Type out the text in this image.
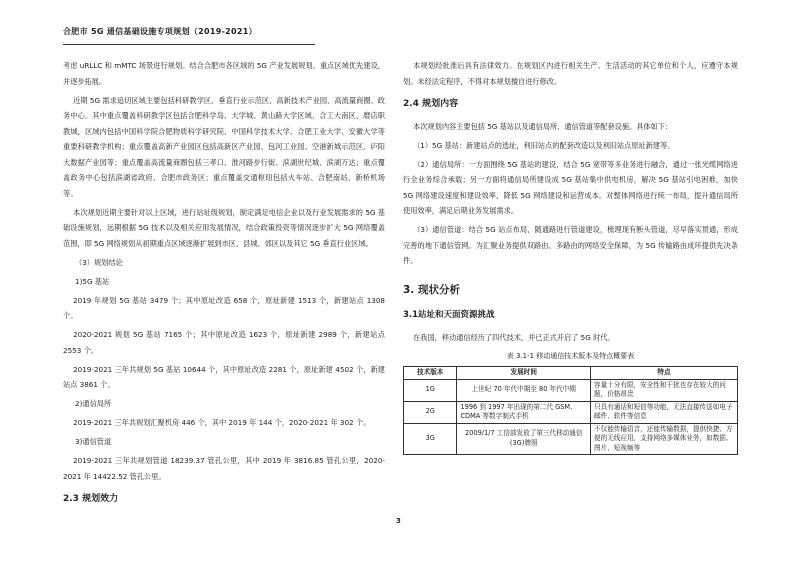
合肥市 5G 通信基础设施专项规划（2019-2021）

考虑 uRLLC 和 mMTC 场景进行规划。结合合肥市各区域的 5G 产业发展规划，重点区域优先建设，并逐步拓展。

近期 5G 需求追切区域主要包括科研教学区、垂直行业示范区、高新技术产业园、高流量商圈、政务中心。其中重点覆盖科研教学区包括合肥科学岛、大学城、黄山路大学区域、合工大南区、磨店职教城，区域内包括中国科学院合肥物质科学研究院、中国科学技术大学、合肥工业大学、安徽大学等重要科研教学机构；重点覆盖高新产业园区包括高新区产业园、包河工业园、空港新城示范区、庐阳大数据产业园等；重点覆盖高流量商圈包括三孝口、淮河路步行街、滨湖世纪城、滨湖万达；重点覆盖政务中心包括滨湖省政府、合肥市政务区；重点覆盖交通枢纽包括火车站、合肥南站、新桥机场等。

本次规划近期主要针对以上区域，进行站址级规划，制定满足电信企业以及行业发展需求的 5G 基础设施规划，远期根据 5G 技术以及相关应用发展情况，结合政策投资等情况逐步扩大 5G 网络覆盖范围，即 5G 网络规划从初期重点区域逐渐扩展到市区、县城、郊区以及其它 5G 垂直行业区域。

（3）规划结论

1)5G 基站

2019 年规划 5G 基站 3479 个；其中原址改造 658 个，原址新建 1513 个，新建站点 1308 个。

2020-2021 规划 5G 基站 7165 个；其中原址改造 1623 个，原址新建 2989 个，新建站点 2553 个。

2019-2021 三年共规划 5G 基站 10644 个，其中原址改造 2281 个，原址新建 4502 个，新建站点 3861 个。

2)通信局所

2019-2021 三年共规划汇聚机房 446 个，其中 2019 年 144 个，2020-2021 年 302 个。

3)通信管道

2019-2021 三年共规划管道 18239.37 管孔公里，其中 2019 年 3816.85 管孔公里，2020-2021 年 14422.52 管孔公里。

2.3 规划效力

本规划经批准后具有法律效力。在规划区内进行相关生产、生活活动的其它单位和个人，应遵守本规划。未经法定程序，不得对本规划擅自进行修改。

2.4 规划内容

本次规划内容主要包括 5G 基站以及通信局所、通信管道等配套设施。具体如下：

（1）5G 基站：新建站点的选址，利旧站点的配套改造以及利旧站点原址新建等。

（2）通信局所：一方面围绕 5G 基站的建设，结合 5G 宽带等多业务进行融合，通过一张光缆网络进行全业务综合承载；另一方面将通信局所建设成 5G 基站集中供电机房，解决 5G 基站引电困难，加快 5G 网络建设速度和建设效率，降低 5G 网络建设和运营成本。对整体网络进行统一布局，提升通信局所使用效率，满足后期业务发展需求。

（3）通信管道：结合 5G 站点布局，随通路进行管道建设，梳理现有断头管道，尽早落实贯通，形成完善的地下通信管网。为汇聚业务提供双路由、多路由的网络安全保障，为 5G 传输路由成环提供先决条件。

3. 现状分析
3.1站址和天面资源挑战

在我国，移动通信经历了四代技术，并已正式开启了 5G 时代。

表 3.1-1 移动通信技术版本及特点概要表
技术版本	发展时间	特点
1G	上世纪 70 年代中期至 80 年代中期	容量十分有限，安全性和干扰也存在较大的问题，价格昂贵
2G	1996 到 1997 年出现的第二代 GSM、CDMA 等数字制式手机	只具有通话和短信等功能，无法直接传送如电子邮件、软件等信息
3G	2009/1/7 工信部发放了第三代移动通信(3G)牌照	不仅能传输语音，还能传输数据，提供快捷、方便的无线应用，支持网络多媒体业务，如数据、图片、短视频等
3
